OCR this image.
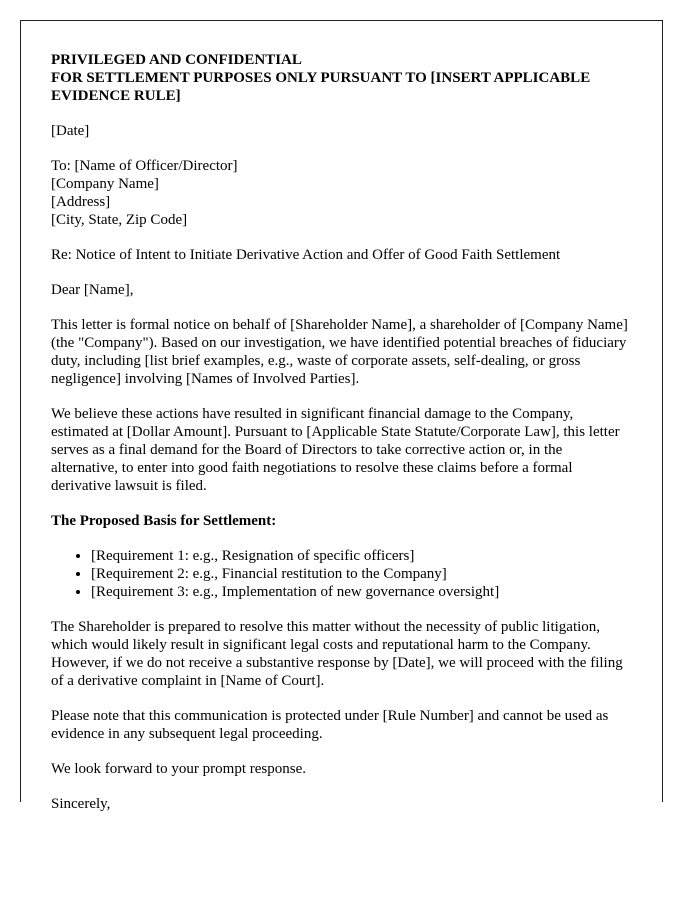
PRIVILEGED AND CONFIDENTIAL
FOR SETTLEMENT PURPOSES ONLY PURSUANT TO [INSERT APPLICABLE EVIDENCE RULE]

[Date]

To: [Name of Officer/Director]
[Company Name]
[Address]
[City, State, Zip Code]

Re: Notice of Intent to Initiate Derivative Action and Offer of Good Faith Settlement

Dear [Name],

This letter is formal notice on behalf of [Shareholder Name], a shareholder of [Company Name] (the "Company"). Based on our investigation, we have identified potential breaches of fiduciary duty, including [list brief examples, e.g., waste of corporate assets, self-dealing, or gross negligence] involving [Names of Involved Parties].

We believe these actions have resulted in significant financial damage to the Company, estimated at [Dollar Amount]. Pursuant to [Applicable State Statute/Corporate Law], this letter serves as a final demand for the Board of Directors to take corrective action or, in the alternative, to enter into good faith negotiations to resolve these claims before a formal derivative lawsuit is filed.

The Proposed Basis for Settlement:

• [Requirement 1: e.g., Resignation of specific officers]
• [Requirement 2: e.g., Financial restitution to the Company]
• [Requirement 3: e.g., Implementation of new governance oversight]

The Shareholder is prepared to resolve this matter without the necessity of public litigation, which would likely result in significant legal costs and reputational harm to the Company. However, if we do not receive a substantive response by [Date], we will proceed with the filing of a derivative complaint in [Name of Court].

Please note that this communication is protected under [Rule Number] and cannot be used as evidence in any subsequent legal proceeding.

We look forward to your prompt response.

Sincerely,
